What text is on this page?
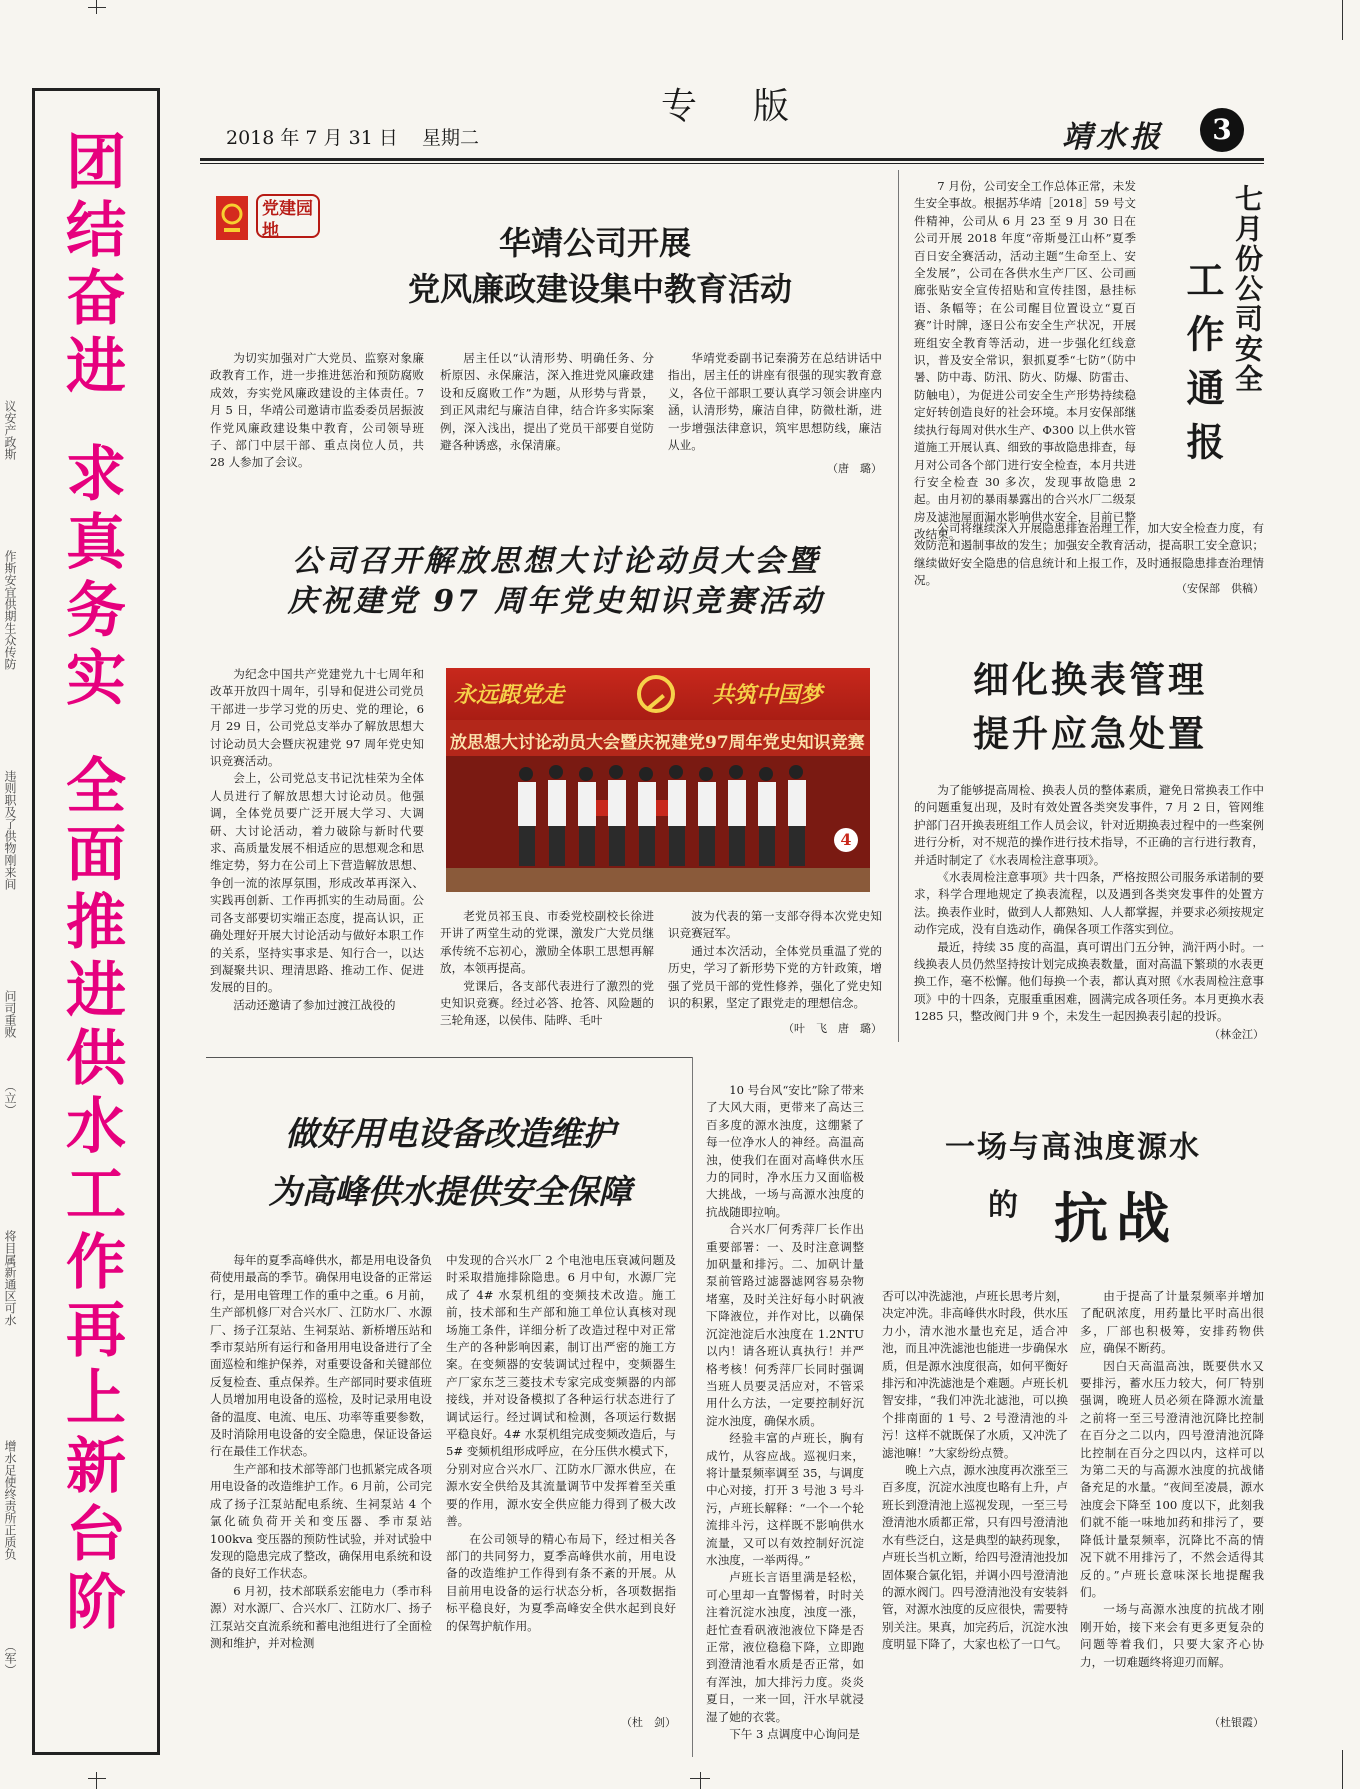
议安产政斯
作斯安宜供期生众传防
违则职及了供物刚来间
问司重败
（立）
将目属新通区可水
增水足使终责所正质负
（军）
团结奋进
求真务实
全面推进供水工作再上新台阶
专　版
2018 年 7 月 31 日 星期二	靖水报	3
党建园地	华靖公司开展
党风廉政建设集中教育活动

为切实加强对广大党员、监察对象廉政教育工作，进一步推进惩治和预防腐败成效，夯实党风廉政建设的主体责任。7 月 5 日，华靖公司邀请市监委委员居振波作党风廉政建设集中教育，公司领导班子、部门中层干部、重点岗位人员，共 28 人参加了会议。

居主任以“认清形势、明确任务、分析原因、永保廉洁，深入推进党风廉政建设和反腐败工作”为题，从形势与背景，到正风肃纪与廉洁自律，结合许多实际案例，深入浅出，提出了党员干部要自觉防避各种诱惑，永保清廉。

华靖党委副书记秦漪芳在总结讲话中指出，居主任的讲座有很强的现实教育意义，各位干部职工要认真学习领会讲座内涵，认清形势，廉洁自律，防微杜渐，进一步增强法律意识，筑牢思想防线，廉洁从业。

（唐　璐）
公司召开解放思想大讨论动员大会暨
庆祝建党 97 周年党史知识竞赛活动

为纪念中国共产党建党九十七周年和改革开放四十周年，引导和促进公司党员干部进一步学习党的历史、党的理论，6 月 29 日，公司党总支举办了解放思想大讨论动员大会暨庆祝建党 97 周年党史知识竞赛活动。

会上，公司党总支书记沈桂荣为全体人员进行了解放思想大讨论动员。他强调，全体党员要广泛开展大学习、大调研、大讨论活动，着力破除与新时代要求、高质量发展不相适应的思想观念和思维定势，努力在公司上下营造解放思想、争创一流的浓厚氛围，形成改革再深入、实践再创新、工作再抓实的生动局面。公司各支部要切实端正态度，提高认识，正确处理好开展大讨论活动与做好本职工作的关系，坚持实事求是、知行合一，以达到凝聚共识、理清思路、推动工作、促进发展的目的。

活动还邀请了参加过渡江战役的

永远跟党走	共筑中国梦
放思想大讨论动员大会暨庆祝建党97周年党史知识竞赛
4

老党员祁玉良、市委党校副校长徐进开讲了两堂生动的党课，激发广大党员继承传统不忘初心，激励全体职工思想再解放，本领再提高。

党课后，各支部代表进行了激烈的党史知识竞赛。经过必答、抢答、风险题的三轮角逐，以侯伟、陆晔、毛叶

波为代表的第一支部夺得本次党史知识竞赛冠军。

通过本次活动，全体党员重温了党的历史，学习了新形势下党的方针政策，增强了党员干部的党性修养，强化了党史知识的积累，坚定了跟党走的理想信念。

（叶　飞　唐　璐）

7 月份，公司安全工作总体正常，未发生安全事故。根据苏华靖［2018］59 号文件精神，公司从 6 月 23 至 9 月 30 日在公司开展 2018 年度“帝斯曼江山杯”夏季百日安全赛活动，活动主题“生命至上、安全发展”，公司在各供水生产厂区、公司画廊张贴安全宣传招贴和宣传挂图，悬挂标语、条幅等；在公司醒目位置设立“夏百赛”计时牌，逐日公布安全生产状况，开展班组安全教育等活动，进一步强化红线意识，普及安全常识，狠抓夏季“七防”（防中暑、防中毒、防汛、防火、防爆、防雷击、防触电），为促进公司安全生产形势持续稳定好转创造良好的社会环境。本月安保部继续执行每周对供水生产、Φ300 以上供水管道施工开展认真、细致的事故隐患排查，每月对公司各个部门进行安全检查，本月共进行安全检查 30 多次，发现事故隐患 2 起。由月初的暴雨暴露出的合兴水厂二级泵房及滤池屋面漏水影响供水安全，目前已整改结束。

七月份公司安全
工作通报

公司将继续深入开展隐患排查治理工作，加大安全检查力度，有效防范和遏制事故的发生；加强安全教育活动，提高职工安全意识；继续做好安全隐患的信息统计和上报工作，及时通报隐患排查治理情况。

（安保部　供稿）
细化换表管理
提升应急处置

为了能够提高周检、换表人员的整体素质，避免日常换表工作中的问题重复出现，及时有效处置各类突发事件，7 月 2 日，管网维护部门召开换表班组工作人员会议，针对近期换表过程中的一些案例进行分析，对不规范的操作进行技术指导，不正确的言行进行教育，并适时制定了《水表周检注意事项》。

《水表周检注意事项》共十四条，严格按照公司服务承诺制的要求，科学合理地规定了换表流程，以及遇到各类突发事件的处置方法。换表作业时，做到人人都熟知、人人都掌握，并要求必须按规定动作完成，没有自选动作，确保各项工作落实到位。

最近，持续 35 度的高温，真可谓出门五分钟，淌汗两小时。一线换表人员仍然坚持按计划完成换表数量，面对高温下繁琐的水表更换工作，毫不松懈。他们每换一个表，都认真对照《水表周检注意事项》中的十四条，克服重重困难，圆满完成各项任务。本月更换水表 1285 只，整改阀门井 9 个，未发生一起因换表引起的投诉。

（林金江）
做好用电设备改造维护
为高峰供水提供安全保障

每年的夏季高峰供水，都是用电设备负荷使用最高的季节。确保用电设备的正常运行，是用电管理工作的重中之重。6 月前，生产部机修厂对合兴水厂、江防水厂、水源厂、扬子江泵站、生祠泵站、新桥增压站和季市泵站所有运行和备用用电设备进行了全面巡检和维护保养，对重要设备和关键部位反复检查、重点保养。生产部同时要求值班人员增加用电设备的巡检，及时记录用电设备的温度、电流、电压、功率等重要参数，及时消除用电设备的安全隐患，保证设备运行在最佳工作状态。

生产部和技术部等部门也抓紧完成各项用电设备的改造维护工作。6 月前，公司完成了扬子江泵站配电系统、生祠泵站 4 个氯化硫负荷开关和变压器、季市泵站 100kva 变压器的预防性试验，并对试验中发现的隐患完成了整改，确保用电系统和设备的良好工作状态。

6 月初，技术部联系宏能电力（季市科源）对水源厂、合兴水厂、江防水厂、扬子江泵站交直流系统和蓄电池组进行了全面检测和维护，并对检测

中发现的合兴水厂 2 个电池电压衰减问题及时采取措施排除隐患。6 月中旬，水源厂完成了 4# 水泵机组的变频技术改造。施工前，技术部和生产部和施工单位认真核对现场施工条件，详细分析了改造过程中对正常生产的各种影响因素，制订出严密的施工方案。在变频器的安装调试过程中，变频器生产厂家东芝三菱技术专家完成变频器的内部接线，并对设备模拟了各种运行状态进行了调试运行。经过调试和检测，各项运行数据平稳良好。4# 水泵机组完成变频改造后，与 5# 变频机组形成呼应，在分压供水模式下，分别对应合兴水厂、江防水厂源水供应，在源水安全供给及其流量调节中发挥着至关重要的作用，源水安全供应能力得到了极大改善。

在公司领导的精心布局下，经过相关各部门的共同努力，夏季高峰供水前，用电设备的改造维护工作得到有条不紊的开展。从目前用电设备的运行状态分析，各项数据指标平稳良好，为夏季高峰安全供水起到良好的保驾护航作用。

（杜　剑）

10 号台风“安比”除了带来了大风大雨，更带来了高达三百多度的源水浊度，这绷紧了每一位净水人的神经。高温高浊，使我们在面对高峰供水压力的同时，净水压力又面临极大挑战，一场与高源水浊度的抗战随即拉响。

合兴水厂何秀萍厂长作出重要部署：一、及时注意调整加矾量和排污。二、加矾计量泵前管路过滤器滤网容易杂物堵塞，及时关注好每小时矾液下降液位，并作对比，以确保沉淀池淀后水浊度在 1.2NTU 以内！请各班认真执行！并严格考核！何秀萍厂长同时强调当班人员要灵活应对，不管采用什么方法，一定要控制好沉淀水浊度，确保水质。

经验丰富的卢班长，胸有成竹，从容应战。巡视归来，将计量泵频率调至 35，与调度中心对接，打开 3 号池 3 号斗污，卢班长解释：“一个一个轮流排斗污，这样既不影响供水流量，又可以有效控制好沉淀水浊度，一举两得。”

卢班长言语里满是轻松，可心里却一直警惕着，时时关注着沉淀水浊度，浊度一涨，赶忙查看矾液池液位下降是否正常，液位稳稳下降，立即跑到澄清池看水质是否正常，如有浑浊，加大排污力度。炎炎夏日，一来一回，汗水早就浸湿了她的衣裳。

下午 3 点调度中心询问是

一场与高浊度源水
的 抗战

否可以冲洗滤池，卢班长思考片刻，决定冲洗。非高峰供水时段，供水压力小，清水池水量也充足，适合冲池，而且冲洗滤池也能进一步确保水质，但是源水浊度很高，如何平衡好排污和冲洗滤池是个难题。卢班长机智安排，“我们冲洗北滤池，可以换个排南面的 1 号、2 号澄清池的斗污！这样不就既保了水质，又冲洗了滤池嘛！”大家纷纷点赞。

晚上六点，源水浊度再次涨至三百多度，沉淀水浊度也略有上升，卢班长到澄清池上巡视发现，一至三号澄清池水质都正常，只有四号澄清池水有些泛白，这是典型的缺药现象，卢班长当机立断，给四号澄清池投加固体聚合氯化铝，并调小四号澄清池的源水阀门。四号澄清池没有安装斜管，对源水浊度的反应很快，需要特别关注。果真，加完药后，沉淀水浊度明显下降了，大家也松了一口气。

由于提高了计量泵频率并增加了配矾浓度，用药量比平时高出很多，厂部也积极筹，安排药物供应，确保不断药。

因白天高温高浊，既要供水又要排污，蓄水压力较大，何厂特别强调，晚班人员必须在降源水流量之前将一至三号澄清池沉降比控制在百分之二以内，四号澄清池沉降比控制在百分之四以内，这样可以为第二天的与高源水浊度的抗战储备充足的水量。“夜间至凌晨，源水浊度会下降至 100 度以下，此刻我们就不能一味地加药和排污了，要降低计量泵频率，沉降比不高的情况下就不用排污了，不然会适得其反的。”卢班长意味深长地提醒我们。

一场与高源水浊度的抗战才刚刚开始，接下来会有更多更复杂的问题等着我们，只要大家齐心协力，一切难题终将迎刃而解。

（杜银霞）
